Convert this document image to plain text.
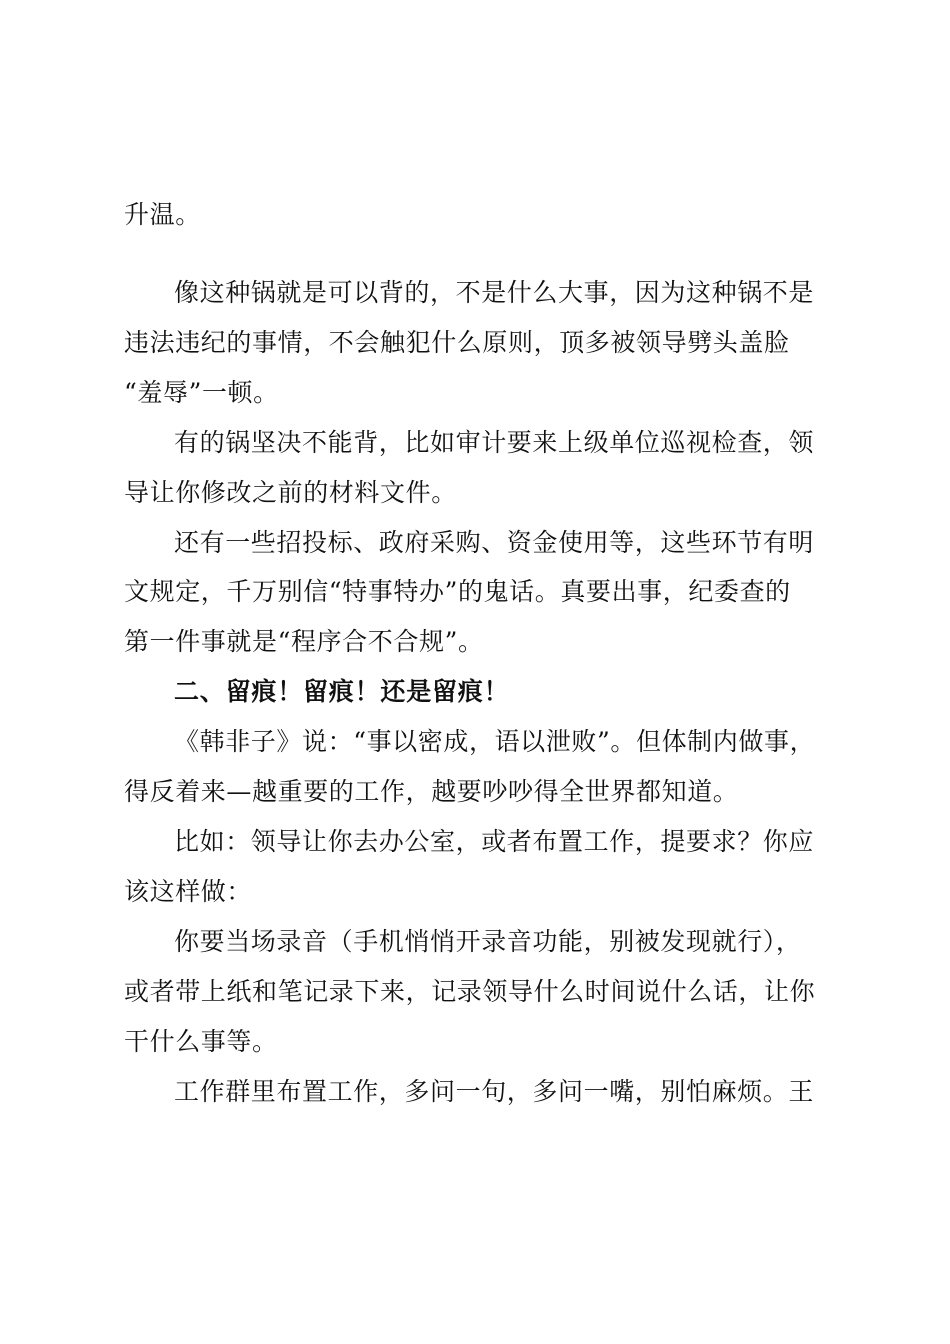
升温。
像这种锅就是可以背的，不是什么大事，因为这种锅不是
违法违纪的事情，不会触犯什么原则，顶多被领导劈头盖脸
“羞辱”一顿。
有的锅坚决不能背，比如审计要来上级单位巡视检查，领
导让你修改之前的材料文件。
还有一些招投标、政府采购、资金使用等，这些环节有明
文规定，千万别信“特事特办”的鬼话。真要出事，纪委查的
第一件事就是“程序合不合规”。
二、留痕！留痕！还是留痕！
《韩非子》说：“事以密成，语以泄败”。但体制内做事，
得反着来—越重要的工作，越要吵吵得全世界都知道。
比如：领导让你去办公室，或者布置工作，提要求？你应
该这样做：
你要当场录音（手机悄悄开录音功能，别被发现就行），
或者带上纸和笔记录下来，记录领导什么时间说什么话，让你
干什么事等。
工作群里布置工作，多问一句，多问一嘴，别怕麻烦。王
